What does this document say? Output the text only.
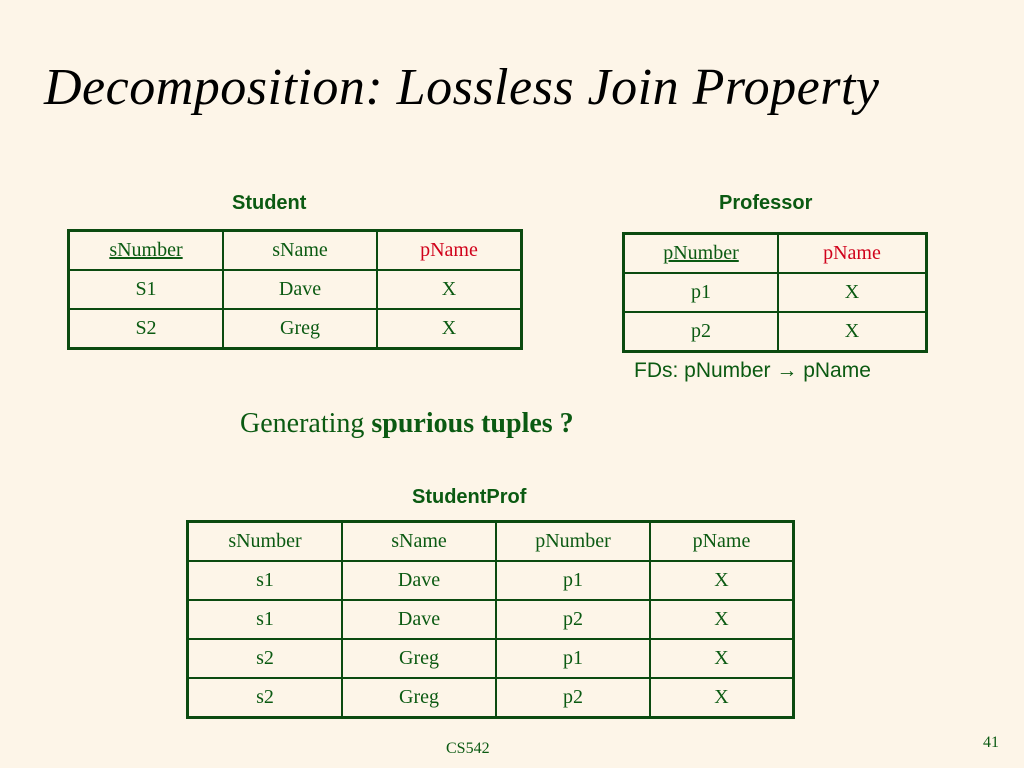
Decomposition: Lossless Join Property
Student
sNumber	sName	pName
S1	Dave	X
S2	Greg	X
Professor
pNumber	pName
p1	X
p2	X
FDs: pNumber → pName
Generating spurious tuples ?
StudentProf
sNumber	sName	pNumber	pName
s1	Dave	p1	X
s1	Dave	p2	X
s2	Greg	p1	X
s2	Greg	p2	X
CS542	41
